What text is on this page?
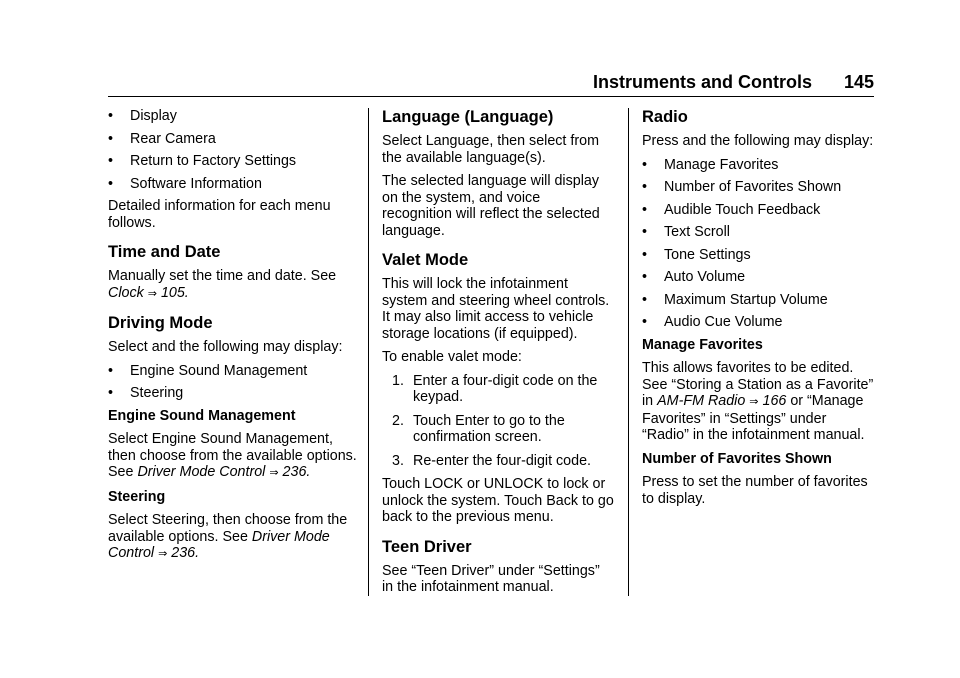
Instruments and Controls 145
•	Display
•	Rear Camera
•	Return to Factory Settings
•	Software Information

Detailed information for each menu follows.

Time and Date

Manually set the time and date. See Clock ⇒ 105.

Driving Mode

Select and the following may display:

•	Engine Sound Management
•	Steering

Engine Sound Management

Select Engine Sound Management, then choose from the available options. See Driver Mode Control ⇒ 236.

Steering

Select Steering, then choose from the available options. See Driver Mode Control ⇒ 236.

Language (Language)

Select Language, then select from the available language(s).

The selected language will display on the system, and voice recognition will reflect the selected language.

Valet Mode

This will lock the infotainment system and steering wheel controls. It may also limit access to vehicle storage locations (if equipped).

To enable valet mode:

1. Enter a four-digit code on the keypad.
2. Touch Enter to go to the confirmation screen.
3. Re-enter the four-digit code.

Touch LOCK or UNLOCK to lock or unlock the system. Touch Back to go back to the previous menu.

Teen Driver

See “Teen Driver” under “Settings” in the infotainment manual.

Radio

Press and the following may display:

•	Manage Favorites
•	Number of Favorites Shown
•	Audible Touch Feedback
•	Text Scroll
•	Tone Settings
•	Auto Volume
•	Maximum Startup Volume
•	Audio Cue Volume

Manage Favorites

This allows favorites to be edited. See “Storing a Station as a Favorite” in AM-FM Radio ⇒ 166 or “Manage Favorites” in “Settings” under “Radio” in the infotainment manual.

Number of Favorites Shown

Press to set the number of favorites to display.
